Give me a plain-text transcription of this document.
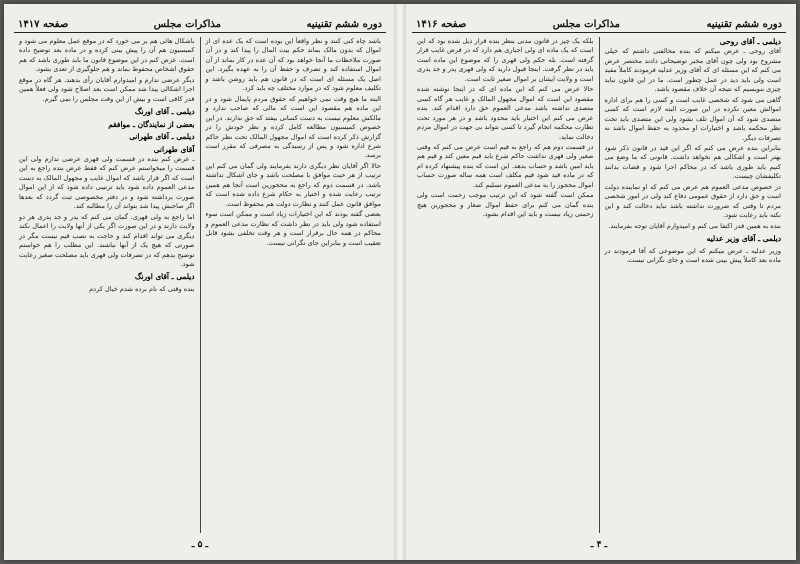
دوره ششم تقنینیه
مذاکرات مجلس
صفحه ۱۴۱۷

باشد چاه کنی کنند و نظر واقعاً این بوده است که یک عده ای از اموال که بدون مالک بماند حکم بیت المال را پیدا کند و در آن صورت ملاحظات ما آنجا خواهد بود که آن عده در کار بماند از آن اموال استفاده کند و تصرف و حفظ آن را به عهده بگیرد. این اصل یک مسئله ای است که در قانون هم باید روشن باشد و تکلیف معلوم شود که در موارد مختلف چه باید کرد.

البته ما هیچ وقت نمی خواهیم که حقوق مردم پایمال شود و در این ماده هم مقصود این است که مالی که صاحب ندارد و مالکش معلوم نیست به دست کسانی بیفتد که حق ندارند. در این خصوص کمیسیون مطالعه کامل کرده و نظر خودش را در گزارش ذکر کرده است که اموال مجهول المالک تحت نظر حاکم شرع اداره شود و پس از رسیدگی به مصرفی که مقرر است برسد.

حالا اگر آقایان نظر دیگری دارند بفرمایند ولی گمان می کنم این ترتیب از هر حیث موافق با مصلحت باشد و جای اشکال نداشته باشد. در قسمت دوم که راجع به محجورین است آنجا هم همین ترتیب رعایت شده و اختیار به حکام شرع داده شده است که موافق قانون عمل کنند و نظارت دولت هم محفوظ است.

بعضی گفته بودند که این اختیارات زیاد است و ممکن است سوء استفاده شود ولی باید در نظر داشت که نظارت مدعی العموم و محاکم در همه حال برقرار است و هر وقت تخلفی بشود قابل تعقیب است و بنابراین جای نگرانی نیست.

باشکال هائی هم بر می خورد که در موقع عمل معلوم می شود و کمیسیون هم آن را پیش بینی کرده و در ماده بعد توضیح داده است. عرض کنم در این موضوع قانون ما باید طوری باشد که هم حقوق اشخاص محفوظ بماند و هم جلوگیری از تعدی بشود.

دیگر عرضی ندارم و امیدوارم آقایان رأی بدهند. هر گاه در موقع اجرا اشکالی پیدا شد ممکن است بعد اصلاح شود ولی فعلاً همین قدر کافی است و بیش از این وقت مجلس را نمی گیرم.

دیلمی ـ آقای اورنگ
بعضی از نمایندگان ـ موافقم
دیلمی ـ آقای طهرانی

آقای طهرانی

ـ عرض کنم بنده در قسمت ولی قهری عرضی ندارم ولی این قسمت را میخواستم عرض کنم که فقط عرض بنده راجع به این است که اگر قرار باشد که اموال غایب و مجهول المالک به دست مدعی العموم داده شود باید ترتیبی داده شود که از این اموال صورت برداشته شود و در دفتر مخصوصی ثبت گردد که بعدها اگر صاحبش پیدا شد بتواند آن را مطالبه کند.

اما راجع به ولی قهری، گمان می کنم که پدر و جد پدری هر دو ولایت دارند و در این صورت اگر یکی از آنها ولایت را اعمال نکند دیگری می تواند اقدام کند و حاجت به نصب قیم نیست مگر در صورتی که هیچ یک از آنها نباشند. این مطلب را هم خواستم توضیح بدهم که در تصرفات ولی قهری باید مصلحت صغیر رعایت شود.

دیلمی ـ آقای اورنگ

بنده وقتی که نام برده شدم خیال کردم

ـ ۵ ـ
دوره ششم تقنینیه
مذاکرات مجلس
صفحه ۱۴۱۶

دیلمی ـ آقای روحی

آقای روحی ـ عرض میکنم که بنده مخالفتی داشتم که خیلی مشروح بود ولی چون آقای مخبر توضیحاتی دادند مختصر عرض می کنم که این مسئله ای که آقای وزیر عدلیه فرمودند کاملاً مفید است ولی باید دید در عمل چطور است. ما در این قانون نباید چیزی بنویسیم که نتیجه آن خلاف مقصود باشد.

گاهی می شود که شخصی غایب است و کسی را هم برای اداره اموالش معین نکرده در این صورت البته لازم است که کسی متصدی شود که آن اموال تلف نشود ولی این متصدی باید تحت نظر محکمه باشد و اختیارات او محدود به حفظ اموال باشد نه تصرفات دیگر.

بنابراین بنده عرض می کنم که اگر این قید در قانون ذکر شود بهتر است و اشکالی هم نخواهد داشت. قانونی که ما وضع می کنیم باید طوری باشد که در محاکم اجرا شود و قضات بدانند تکلیفشان چیست.

در خصوص مدعی العموم هم عرض می کنم که او نماینده دولت است و حق دارد از حقوق عمومی دفاع کند ولی در امور شخصی مردم تا وقتی که ضرورت نداشته باشد نباید دخالت کند و این نکته باید رعایت شود.

بنده به همین قدر اکتفا می کنم و امیدوارم آقایان توجه بفرمایند.

دیلمی ـ آقای وزیر عدلیه

وزیر عدلیه ـ عرض میکنم که این موضوعی که آقا فرمودند در ماده بعد کاملاً پیش بینی شده است و جای نگرانی نیست.

بلکه یک چیز در قانون مدنی بنظر بنده قرار ذیل شده بود که این است که یک ماده ای ولی اجباری هم دارد که در فرض غایب قرار گرفته است. بله حکم ولی قهری را که موضوع این ماده است باید در نظر گرفت. اینجا قبول دارید که ولی قهری پدر و جد پدری است و ولایت ایشان بر اموال صغیر ثابت است.

حالا عرض می کنم که این ماده ای که در اینجا نوشته شده مقصود این است که اموال مجهول المالک و غایب هر گاه کسی متصدی نداشته باشد مدعی العموم حق دارد اقدام کند. بنده عرض می کنم این اختیار باید محدود باشد و در هر مورد تحت نظارت محکمه انجام گیرد تا کسی نتواند بی جهت در اموال مردم دخالت نماید.

در قسمت دوم هم که راجع به قیم است عرض می کنم که وقتی صغیر ولی قهری نداشت حاکم شرع باید قیم معین کند و قیم هم باید امین باشد و حساب بدهد. این است که بنده پیشنهاد کرده ام که در ماده قید شود قیم مکلف است همه ساله صورت حساب اموال محجور را به مدعی العموم تسلیم کند.

ممکن است گفته شود که این ترتیب موجب زحمت است ولی بنده گمان می کنم برای حفظ اموال صغار و محجورین هیچ زحمتی زیاد نیست و باید این اقدام بشود.

ـ ۴ ـ
